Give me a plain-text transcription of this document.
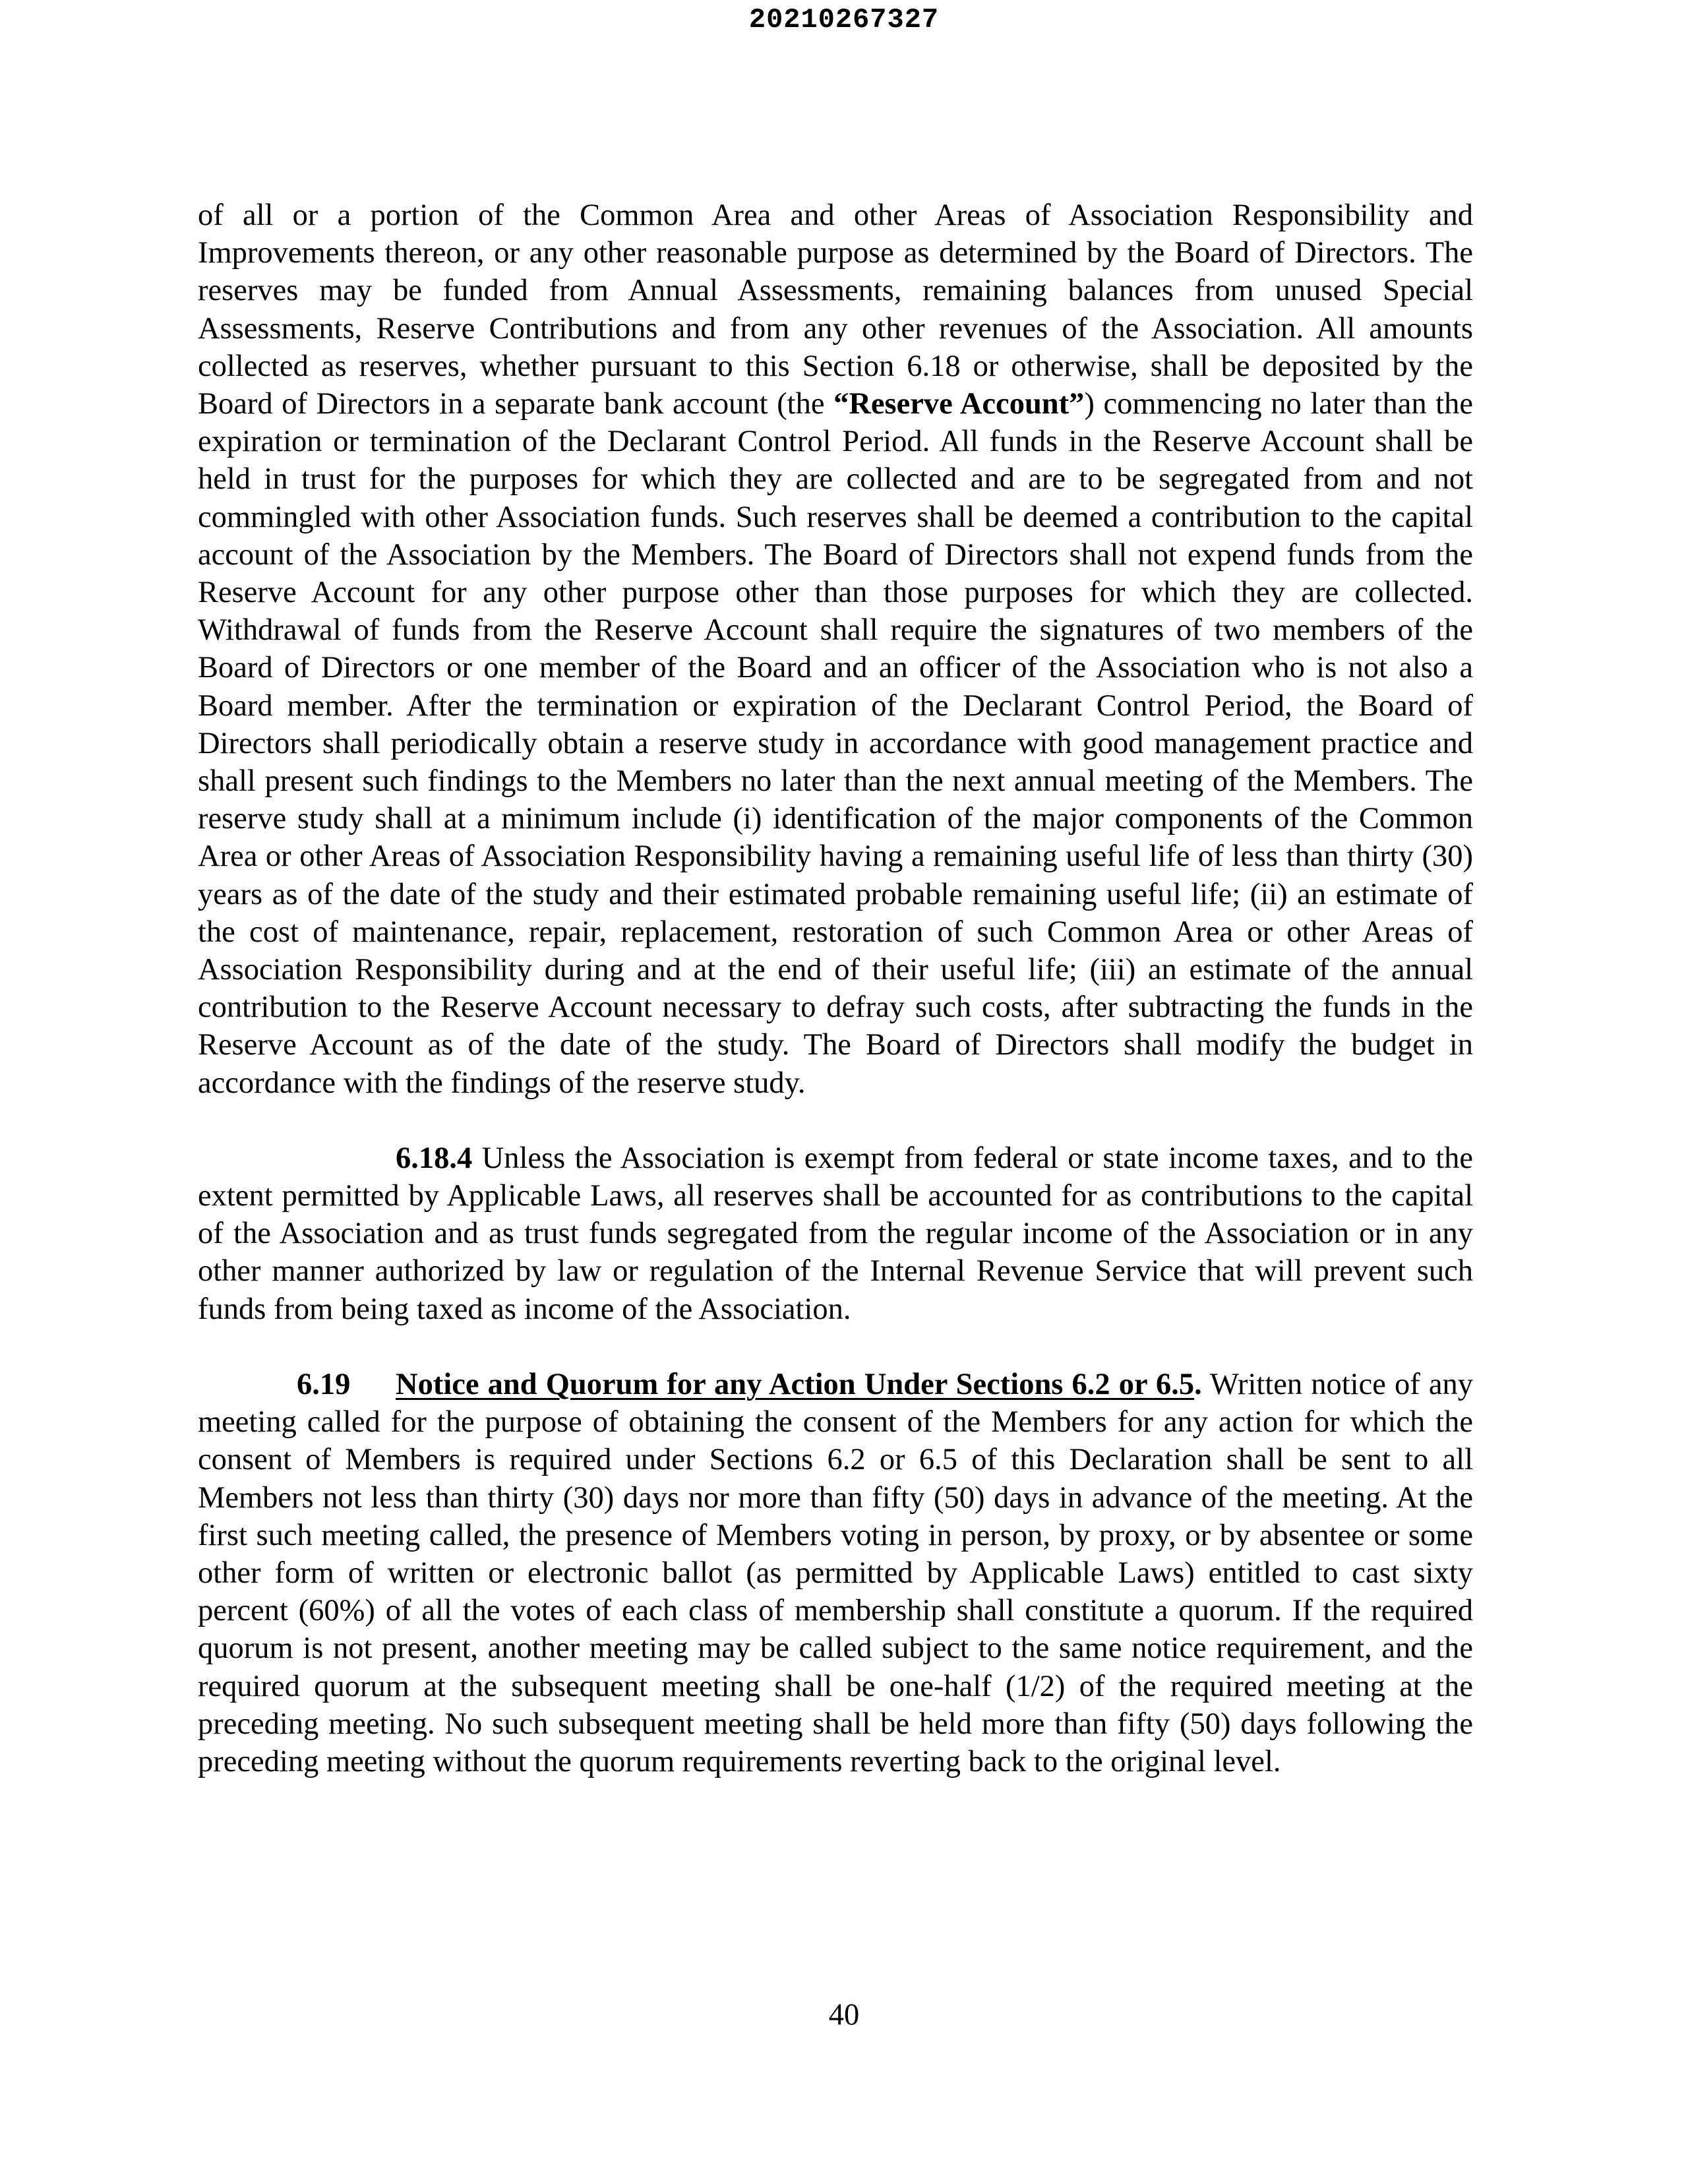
20210267327

of all or a portion of the Common Area and other Areas of Association Responsibility and Improvements thereon, or any other reasonable purpose as determined by the Board of Directors. The reserves may be funded from Annual Assessments, remaining balances from unused Special Assessments, Reserve Contributions and from any other revenues of the Association. All amounts collected as reserves, whether pursuant to this Section 6.18 or otherwise, shall be deposited by the Board of Directors in a separate bank account (the “Reserve Account”) commencing no later than the expiration or termination of the Declarant Control Period. All funds in the Reserve Account shall be held in trust for the purposes for which they are collected and are to be segregated from and not commingled with other Association funds. Such reserves shall be deemed a contribution to the capital account of the Association by the Members. The Board of Directors shall not expend funds from the Reserve Account for any other purpose other than those purposes for which they are collected. Withdrawal of funds from the Reserve Account shall require the signatures of two members of the Board of Directors or one member of the Board and an officer of the Association who is not also a Board member. After the termination or expiration of the Declarant Control Period, the Board of Directors shall periodically obtain a reserve study in accordance with good management practice and shall present such findings to the Members no later than the next annual meeting of the Members. The reserve study shall at a minimum include (i) identification of the major components of the Common Area or other Areas of Association Responsibility having a remaining useful life of less than thirty (30) years as of the date of the study and their estimated probable remaining useful life; (ii) an estimate of the cost of maintenance, repair, replacement, restoration of such Common Area or other Areas of Association Responsibility during and at the end of their useful life; (iii) an estimate of the annual contribution to the Reserve Account necessary to defray such costs, after subtracting the funds in the Reserve Account as of the date of the study. The Board of Directors shall modify the budget in accordance with the findings of the reserve study.

6.18.4 Unless the Association is exempt from federal or state income taxes, and to the extent permitted by Applicable Laws, all reserves shall be accounted for as contributions to the capital of the Association and as trust funds segregated from the regular income of the Association or in any other manner authorized by law or regulation of the Internal Revenue Service that will prevent such funds from being taxed as income of the Association.

6.19 Notice and Quorum for any Action Under Sections 6.2 or 6.5. Written notice of any meeting called for the purpose of obtaining the consent of the Members for any action for which the consent of Members is required under Sections 6.2 or 6.5 of this Declaration shall be sent to all Members not less than thirty (30) days nor more than fifty (50) days in advance of the meeting. At the first such meeting called, the presence of Members voting in person, by proxy, or by absentee or some other form of written or electronic ballot (as permitted by Applicable Laws) entitled to cast sixty percent (60%) of all the votes of each class of membership shall constitute a quorum. If the required quorum is not present, another meeting may be called subject to the same notice requirement, and the required quorum at the subsequent meeting shall be one-half (1/2) of the required meeting at the preceding meeting. No such subsequent meeting shall be held more than fifty (50) days following the preceding meeting without the quorum requirements reverting back to the original level.

40
